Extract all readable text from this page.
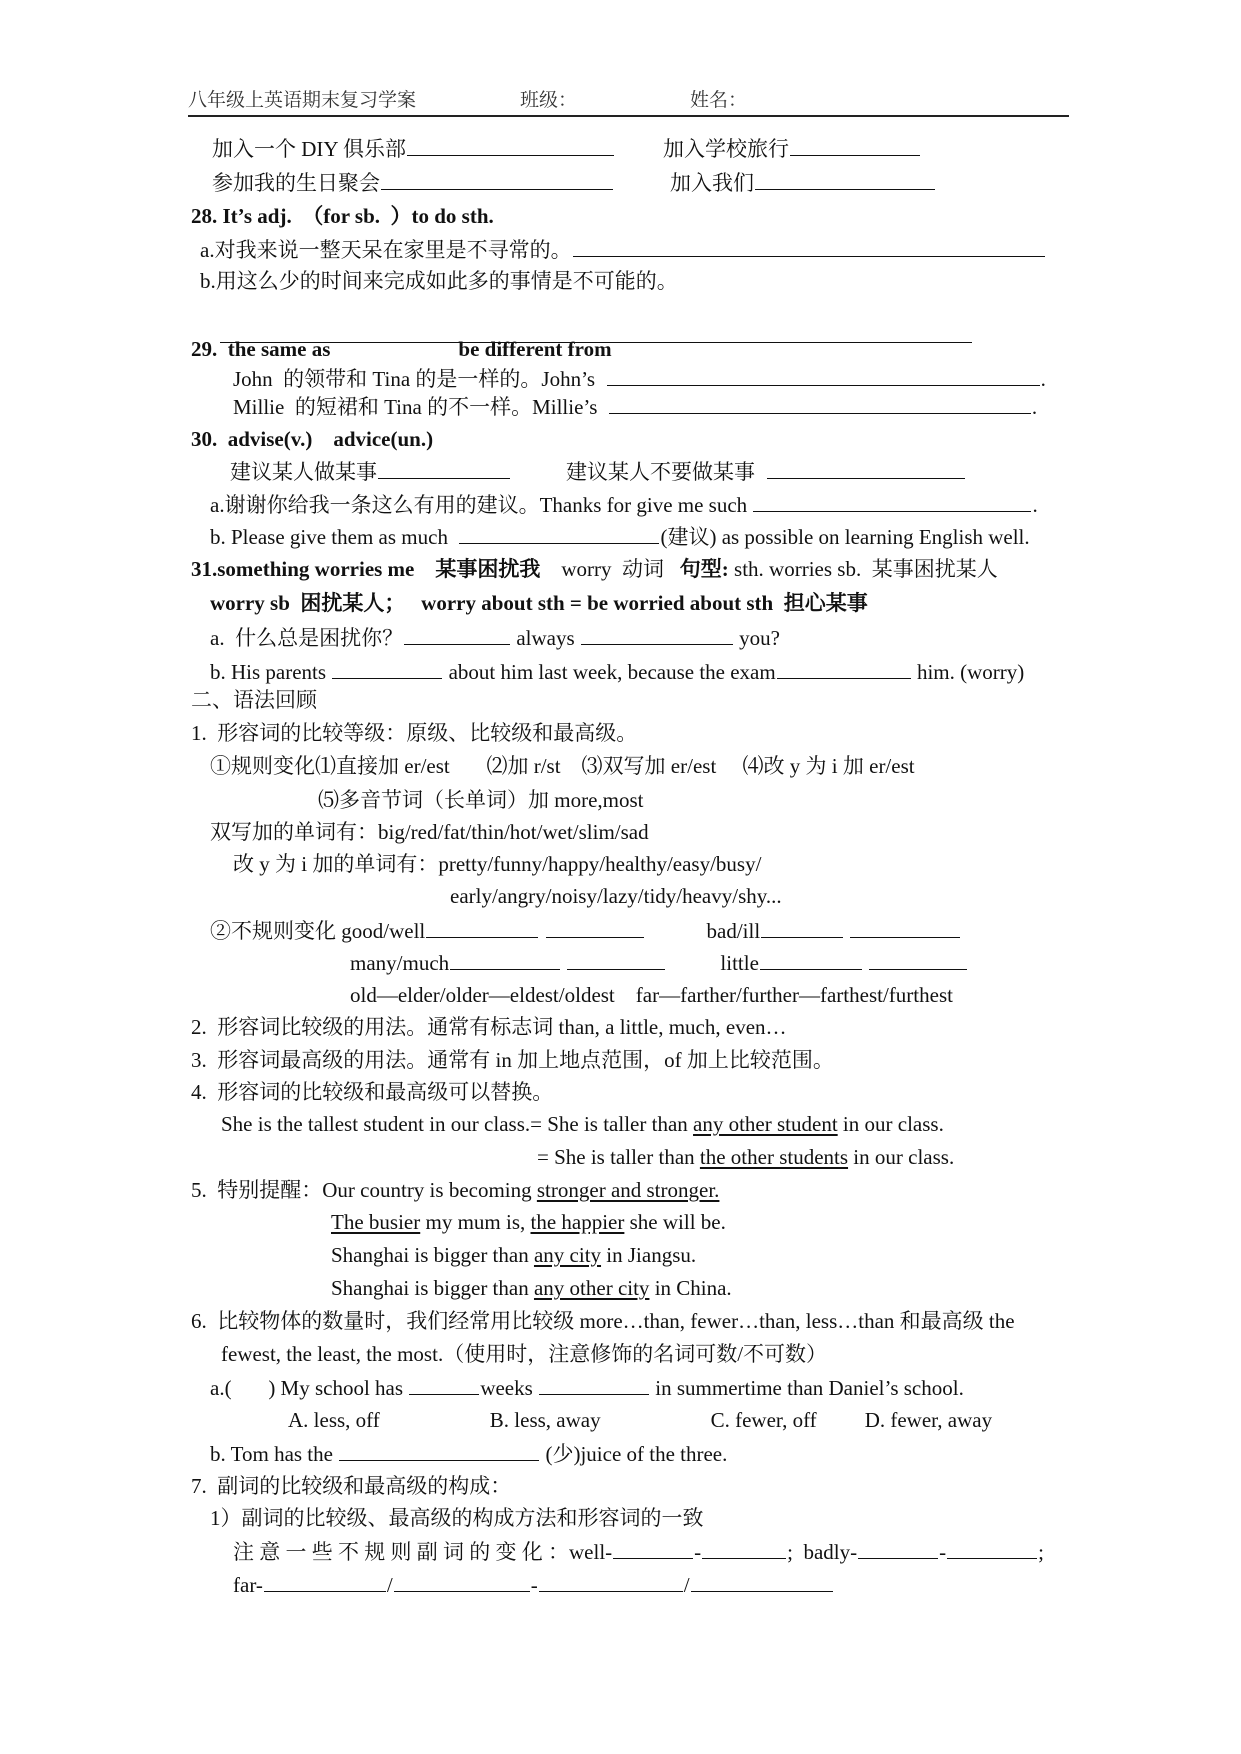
八年级上英语期末复习学案	班级：	姓名：
加入一个 DIY 俱乐部	加入学校旅行
参加我的生日聚会	加入我们
28. It’s adj.  （for sb.  ）to do sth.
a.对我来说一整天呆在家里是不寻常的。
b.用这么少的时间来完成如此多的事情是不可能的。
29.  the same as	be different from
John  的领带和 Tina 的是一样的。John’s	.
Millie  的短裙和 Tina 的不一样。Millie’s	.
30.  advise(v.)    advice(un.)
建议某人做某事	建议某人不要做某事
a.谢谢你给我一条这么有用的建议。Thanks for give me such	.
b. Please give them as much	(建议) as possible on learning English well.
31.something worries me    某事困扰我    worry  动词   句型: sth. worries sb.  某事困扰某人
worry sb  困扰某人；   worry about sth = be worried about sth  担心某事
a.  什么总是困扰你？	always	you?
b. His parents	about him last week, because the exam	him. (worry)
二、语法回顾
1.  形容词的比较等级：原级、比较级和最高级。
①规则变化⑴直接加 er/est       ⑵加 r/st    ⑶双写加 er/est     ⑷改 y 为 i 加 er/est
⑸多音节词（长单词）加 more,most
双写加的单词有：big/red/fat/thin/hot/wet/slim/sad
改 y 为 i 加的单词有：pretty/funny/happy/healthy/easy/busy/
early/angry/noisy/lazy/tidy/heavy/shy...
②不规则变化 good/well	bad/ill
many/much	little
old—elder/older—eldest/oldest    far—farther/further—farthest/furthest
2.  形容词比较级的用法。通常有标志词 than, a little, much, even…
3.  形容词最高级的用法。通常有 in 加上地点范围，of 加上比较范围。
4.  形容词的比较级和最高级可以替换。
She is the tallest student in our class.= She is taller than any other student in our class.
= She is taller than the other students in our class.
5.  特别提醒：Our country is becoming stronger and stronger.
The busier my mum is, the happier she will be.
Shanghai is bigger than any city in Jiangsu.
Shanghai is bigger than any other city in China.
6.  比较物体的数量时，我们经常用比较级 more…than, fewer…than, less…than 和最高级 the
fewest, the least, the most.（使用时，注意修饰的名词可数/不可数）
a.(       ) My school has	weeks	in summertime than Daniel’s school.
A. less, off	B. less, away	C. fewer, off D. fewer, away
b. Tom has the	(少)juice of the three.
7.  副词的比较级和最高级的构成：
1）副词的比较级、最高级的构成方法和形容词的一致
注 意 一 些 不 规 则 副 词 的 变 化 ：well-	-	;  badly-	-	;
far-	/	-	/
